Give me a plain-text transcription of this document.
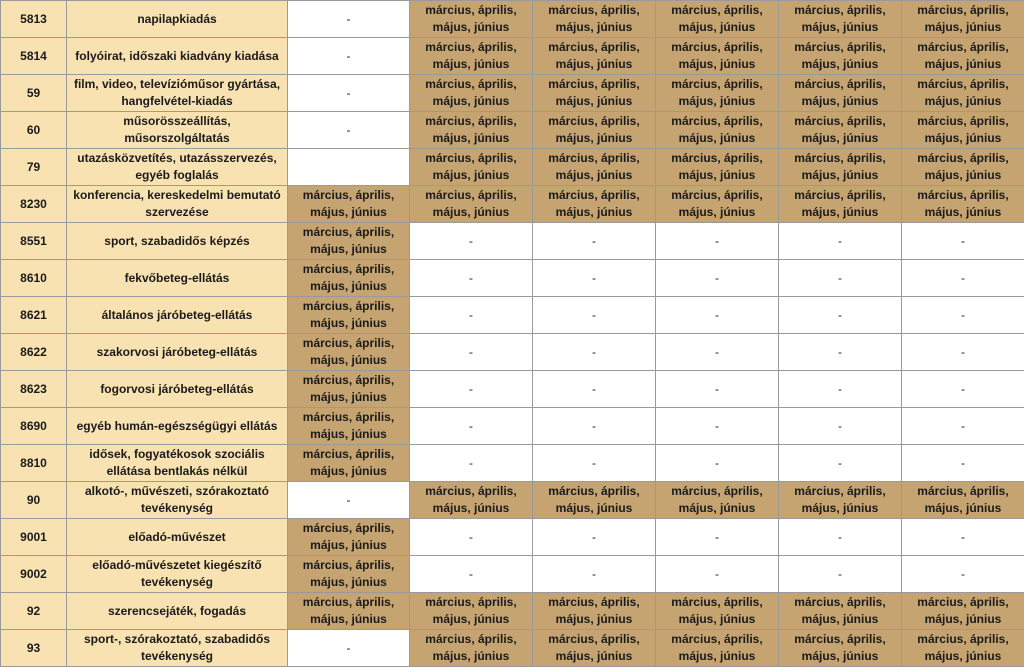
5813	napilapkiadás	-	március, április, május, június	március, április, május, június	március, április, május, június	március, április, május, június	március, április, május, június
5814	folyóirat, időszaki kiadvány kiadása	-	március, április, május, június	március, április, május, június	március, április, május, június	március, április, május, június	március, április, május, június
59	film, video, televízióműsor gyártása, hangfelvétel-kiadás	-	március, április, május, június	március, április, május, június	március, április, május, június	március, április, május, június	március, április, május, június
60	műsorösszeállítás, műsorszolgáltatás	-	március, április, május, június	március, április, május, június	március, április, május, június	március, április, május, június	március, április, május, június
79	utazásközvetítés, utazásszervezés, egyéb foglalás		március, április, május, június	március, április, május, június	március, április, május, június	március, április, május, június	március, április, május, június
8230	konferencia, kereskedelmi bemutató szervezése	március, április, május, június	március, április, május, június	március, április, május, június	március, április, május, június	március, április, május, június	március, április, május, június
8551	sport, szabadidős képzés	március, április, május, június	-	-	-	-	-
8610	fekvőbeteg-ellátás	március, április, május, június	-	-	-	-	-
8621	általános járóbeteg-ellátás	március, április, május, június	-	-	-	-	-
8622	szakorvosi járóbeteg-ellátás	március, április, május, június	-	-	-	-	-
8623	fogorvosi járóbeteg-ellátás	március, április, május, június	-	-	-	-	-
8690	egyéb humán-egészségügyi ellátás	március, április, május, június	-	-	-	-	-
8810	idősek, fogyatékosok szociális ellátása bentlakás nélkül	március, április, május, június	-	-	-	-	-
90	alkotó-, művészeti, szórakoztató tevékenység	-	március, április, május, június	március, április, május, június	március, április, május, június	március, április, május, június	március, április, május, június
9001	előadó-művészet	március, április, május, június	-	-	-	-	-
9002	előadó-művészetet kiegészítő tevékenység	március, április, május, június	-	-	-	-	-
92	szerencsejáték, fogadás	március, április, május, június	március, április, május, június	március, április, május, június	március, április, május, június	március, április, május, június	március, április, május, június
93	sport-, szórakoztató, szabadidős tevékenység	-	március, április, május, június	március, április, május, június	március, április, május, június	március, április, május, június	március, április, május, június
